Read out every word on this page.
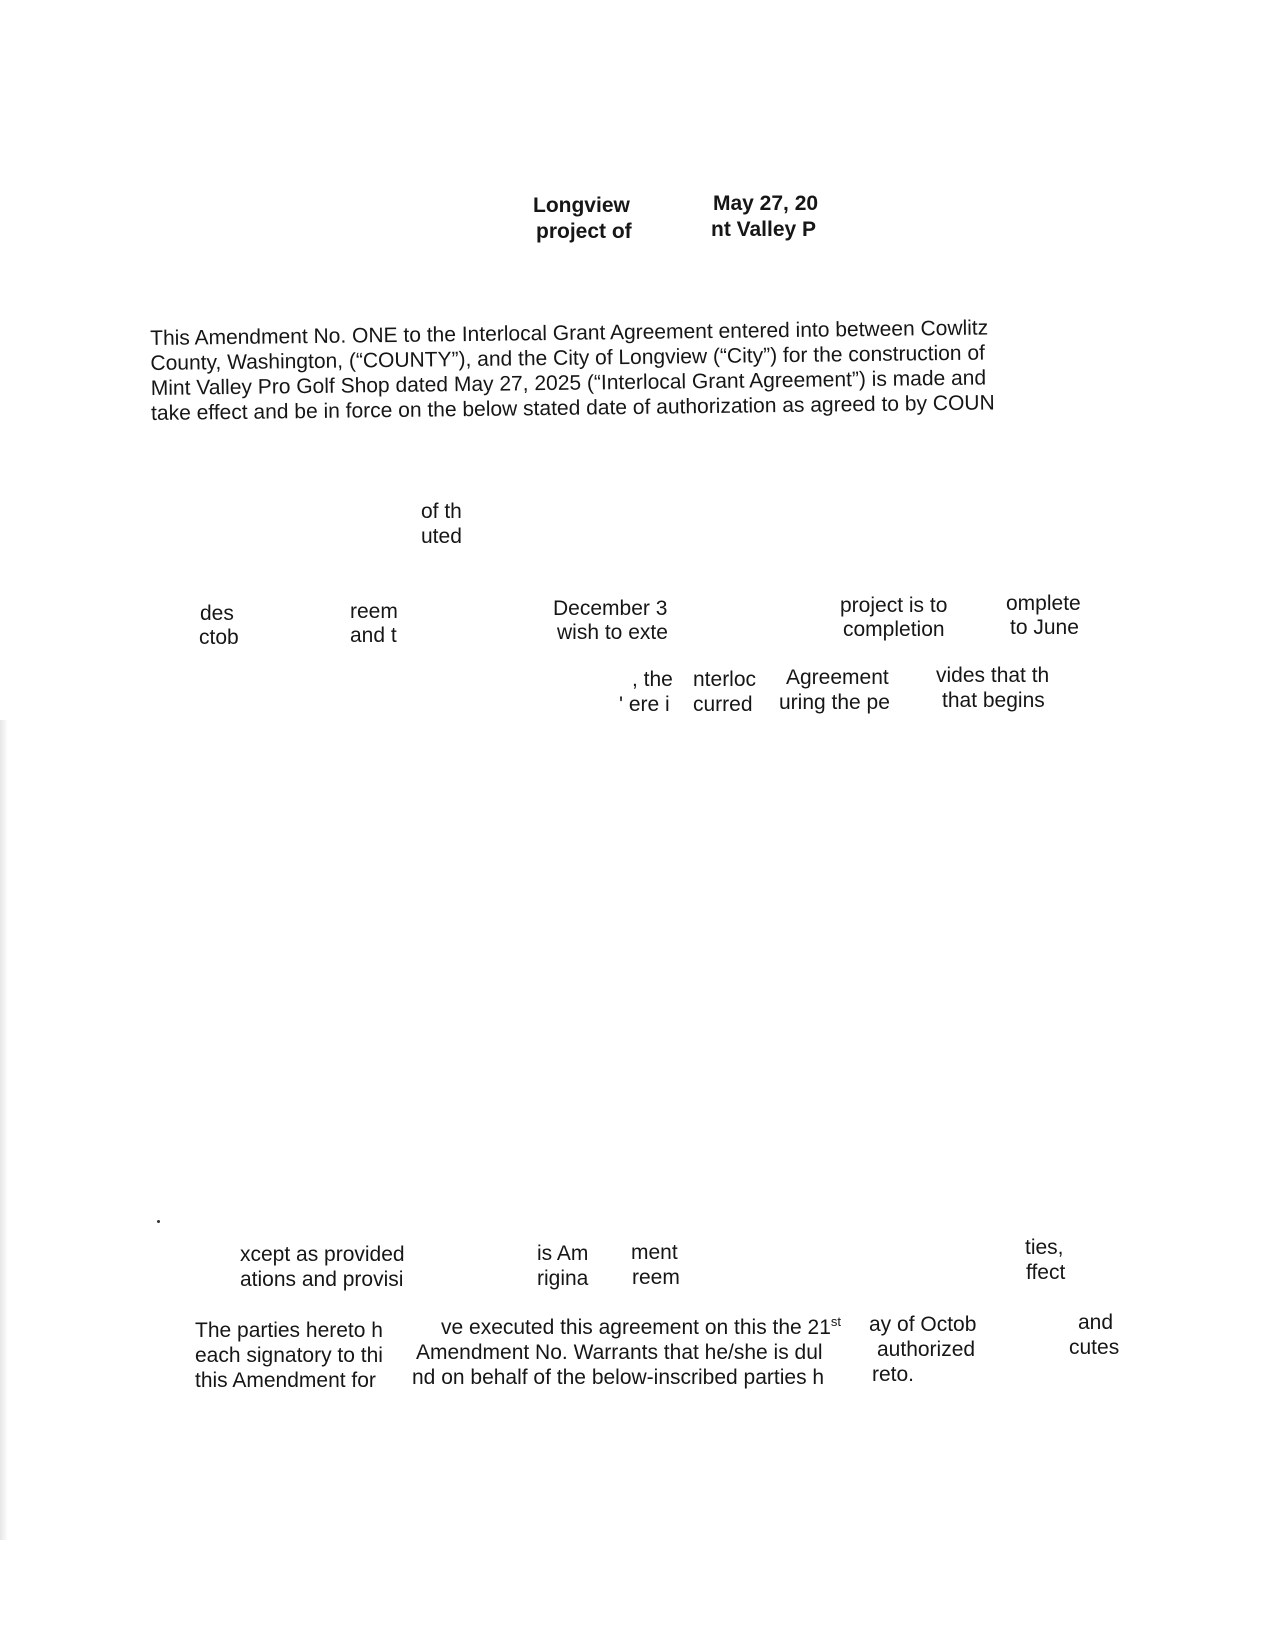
Longview
project of
May 27, 20
nt Valley P
This Amendment No. ONE to the Interlocal Grant Agreement entered into between Cowlitz
County, Washington, (“COUNTY”), and the City of Longview (“City”) for the construction of
Mint Valley Pro Golf Shop dated May 27, 2025 (“Interlocal Grant Agreement”) is made and
take effect and be in force on the below stated date of authorization as agreed to by COUN
of th
uted
des
ctob
reem
and t
December 3
wish to exte
project is to
completion
omplete
to June
, the
' ere i
nterloc
curred
Agreement
uring the pe
vides that th
that begins
xcept as provided
ations and provisi
is Am
rigina
ment
reem
ties,
ffect
The parties hereto h
each signatory to thi
this Amendment for
ve executed this agreement on this the 21st
Amendment No. Warrants that he/she is dul
nd on behalf of the below-inscribed parties h
ay of Octob
authorized
reto.
and
cutes
